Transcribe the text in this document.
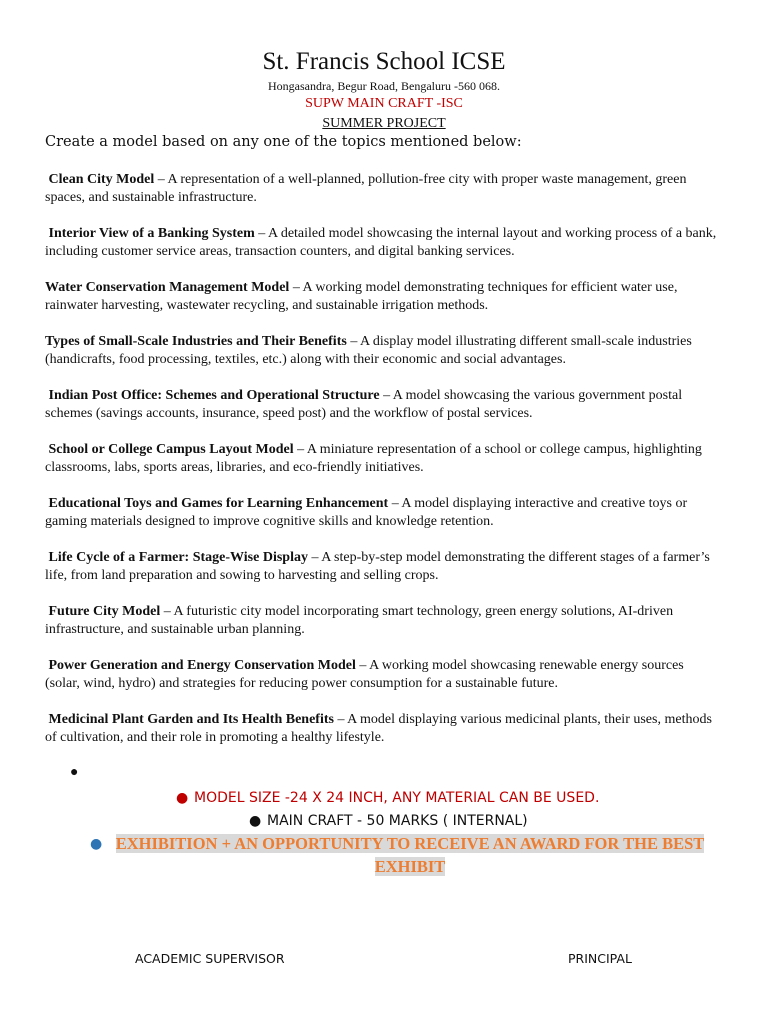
St. Francis School ICSE
Hongasandra, Begur Road, Bengaluru -560 068.
SUPW MAIN CRAFT -ISC
SUMMER PROJECT
Create a model based on any one of the topics mentioned below:
Clean City Model – A representation of a well-planned, pollution-free city with proper waste management, green spaces, and sustainable infrastructure.
Interior View of a Banking System – A detailed model showcasing the internal layout and working process of a bank, including customer service areas, transaction counters, and digital banking services.
Water Conservation Management Model – A working model demonstrating techniques for efficient water use, rainwater harvesting, wastewater recycling, and sustainable irrigation methods.
Types of Small-Scale Industries and Their Benefits – A display model illustrating different small-scale industries (handicrafts, food processing, textiles, etc.) along with their economic and social advantages.
Indian Post Office: Schemes and Operational Structure – A model showcasing the various government postal schemes (savings accounts, insurance, speed post) and the workflow of postal services.
School or College Campus Layout Model – A miniature representation of a school or college campus, highlighting classrooms, labs, sports areas, libraries, and eco-friendly initiatives.
Educational Toys and Games for Learning Enhancement – A model displaying interactive and creative toys or gaming materials designed to improve cognitive skills and knowledge retention.
Life Cycle of a Farmer: Stage-Wise Display – A step-by-step model demonstrating the different stages of a farmer’s life, from land preparation and sowing to harvesting and selling crops.
Future City Model – A futuristic city model incorporating smart technology, green energy solutions, AI-driven infrastructure, and sustainable urban planning.
Power Generation and Energy Conservation Model – A working model showcasing renewable energy sources (solar, wind, hydro) and strategies for reducing power consumption for a sustainable future.
Medicinal Plant Garden and Its Health Benefits – A model displaying various medicinal plants, their uses, methods of cultivation, and their role in promoting a healthy lifestyle.
●
● MODEL SIZE -24 X 24 INCH, ANY MATERIAL CAN BE USED.
● MAIN CRAFT - 50 MARKS ( INTERNAL)
● EXHIBITION + AN OPPORTUNITY TO RECEIVE AN AWARD FOR THE BEST EXHIBIT
ACADEMIC SUPERVISOR	PRINCIPAL
